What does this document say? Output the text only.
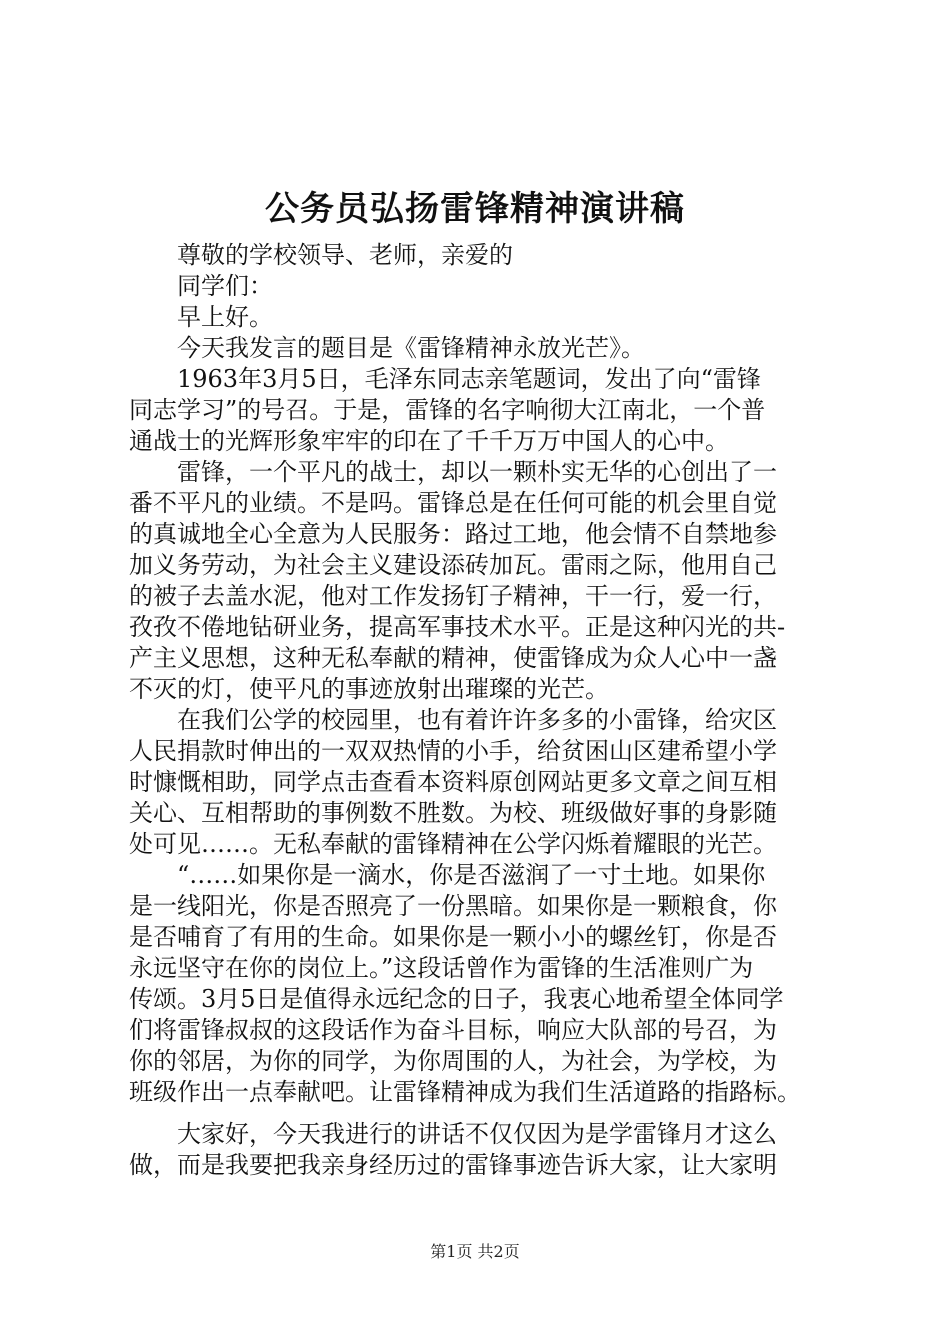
公务员弘扬雷锋精神演讲稿

　　尊敬的学校领导、老师，亲爱的

　　同学们：

　　早上好。

　　今天我发言的题目是《雷锋精神永放光芒》。

　　1963年3月5日，毛泽东同志亲笔题词，发出了向“雷锋

同志学习”的号召。于是，雷锋的名字响彻大江南北，一个普

通战士的光辉形象牢牢的印在了千千万万中国人的心中。

　　雷锋，一个平凡的战士，却以一颗朴实无华的心创出了一

番不平凡的业绩。不是吗。雷锋总是在任何可能的机会里自觉

的真诚地全心全意为人民服务：路过工地，他会情不自禁地参

加义务劳动，为社会主义建设添砖加瓦。雷雨之际，他用自己

的被子去盖水泥，他对工作发扬钉子精神，干一行，爱一行，

孜孜不倦地钻研业务，提高军事技术水平。正是这种闪光的共-

产主义思想，这种无私奉献的精神，使雷锋成为众人心中一盏

不灭的灯，使平凡的事迹放射出璀璨的光芒。

　　在我们公学的校园里，也有着许许多多的小雷锋，给灾区

人民捐款时伸出的一双双热情的小手，给贫困山区建希望小学

时慷慨相助，同学点击查看本资料原创网站更多文章之间互相

关心、互相帮助的事例数不胜数。为校、班级做好事的身影随

处可见……。无私奉献的雷锋精神在公学闪烁着耀眼的光芒。

　　“……如果你是一滴水，你是否滋润了一寸土地。如果你

是一线阳光，你是否照亮了一份黑暗。如果你是一颗粮食，你

是否哺育了有用的生命。如果你是一颗小小的螺丝钉，你是否

永远坚守在你的岗位上。”这段话曾作为雷锋的生活准则广为

传颂。3月5日是值得永远纪念的日子，我衷心地希望全体同学

们将雷锋叔叔的这段话作为奋斗目标，响应大队部的号召，为

你的邻居，为你的同学，为你周围的人，为社会，为学校，为

班级作出一点奉献吧。让雷锋精神成为我们生活道路的指路标。

　　大家好，今天我进行的讲话不仅仅因为是学雷锋月才这么

做，而是我要把我亲身经历过的雷锋事迹告诉大家，让大家明

第1页 共2页
